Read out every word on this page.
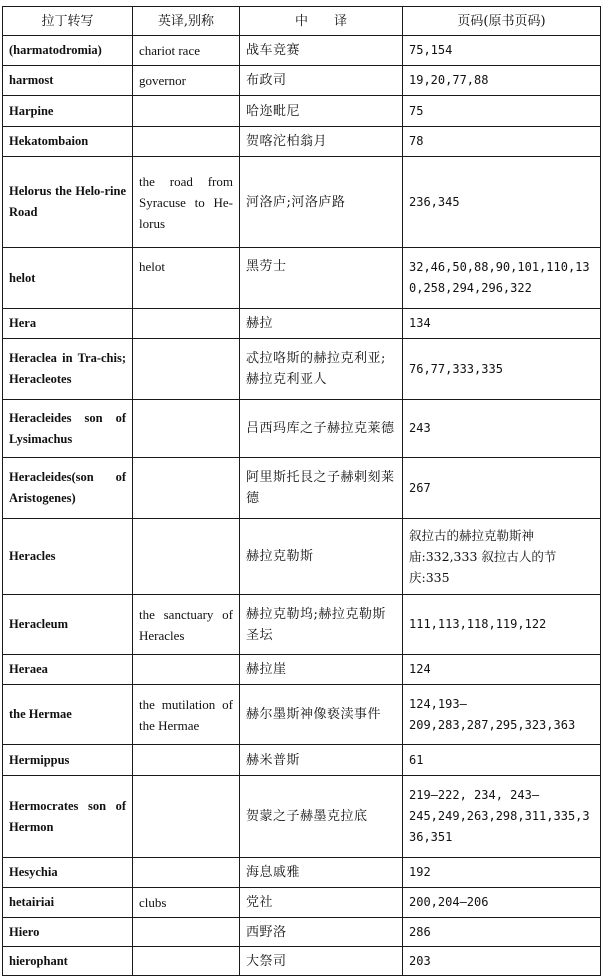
拉丁转写	英译,别称	中　　译	页码(原书页码)
(harmatodromia)	chariot race	战车竞赛	75,154
harmost	governor	布政司	19,20,77,88
Harpine		哈迩毗尼	75
Hekatombaion		贺喀沱柏翁月	78
Helorus the Helo-rine Road	the road from Syracuse to He-lorus	河洛庐;河洛庐路	236,345
helot	helot	黑劳士	32,46,50,88,90,101,110,130,258,294,296,322
Hera		赫拉	134
Heraclea in Tra-chis; Heracleotes		忒拉咯斯的赫拉克利亚;赫拉克利亚人	76,77,333,335
Heracleides son of Lysimachus		吕西玛库之子赫拉克莱德	243
Heracleides(son of Aristogenes)		阿里斯托艮之子赫剌刻莱德	267
Heracles		赫拉克勒斯	叙拉古的赫拉克勒斯神庙:332,333 叙拉古人的节庆:335
Heracleum	the sanctuary of Heracles	赫拉克勒坞;赫拉克勒斯圣坛	111,113,118,119,122
Heraea		赫拉崖	124
the Hermae	the mutilation of the Hermae	赫尔墨斯神像亵渎事件	124,193—209,283,287,295,323,363
Hermippus		赫米普斯	61
Hermocrates son of Hermon		贺蒙之子赫墨克拉底	219—222, 234, 243—245,249,263,298,311,335,336,351
Hesychia		海息戚雅	192
hetairiai	clubs	党社	200,204—206
Hiero		西野洛	286
hierophant		大祭司	203
